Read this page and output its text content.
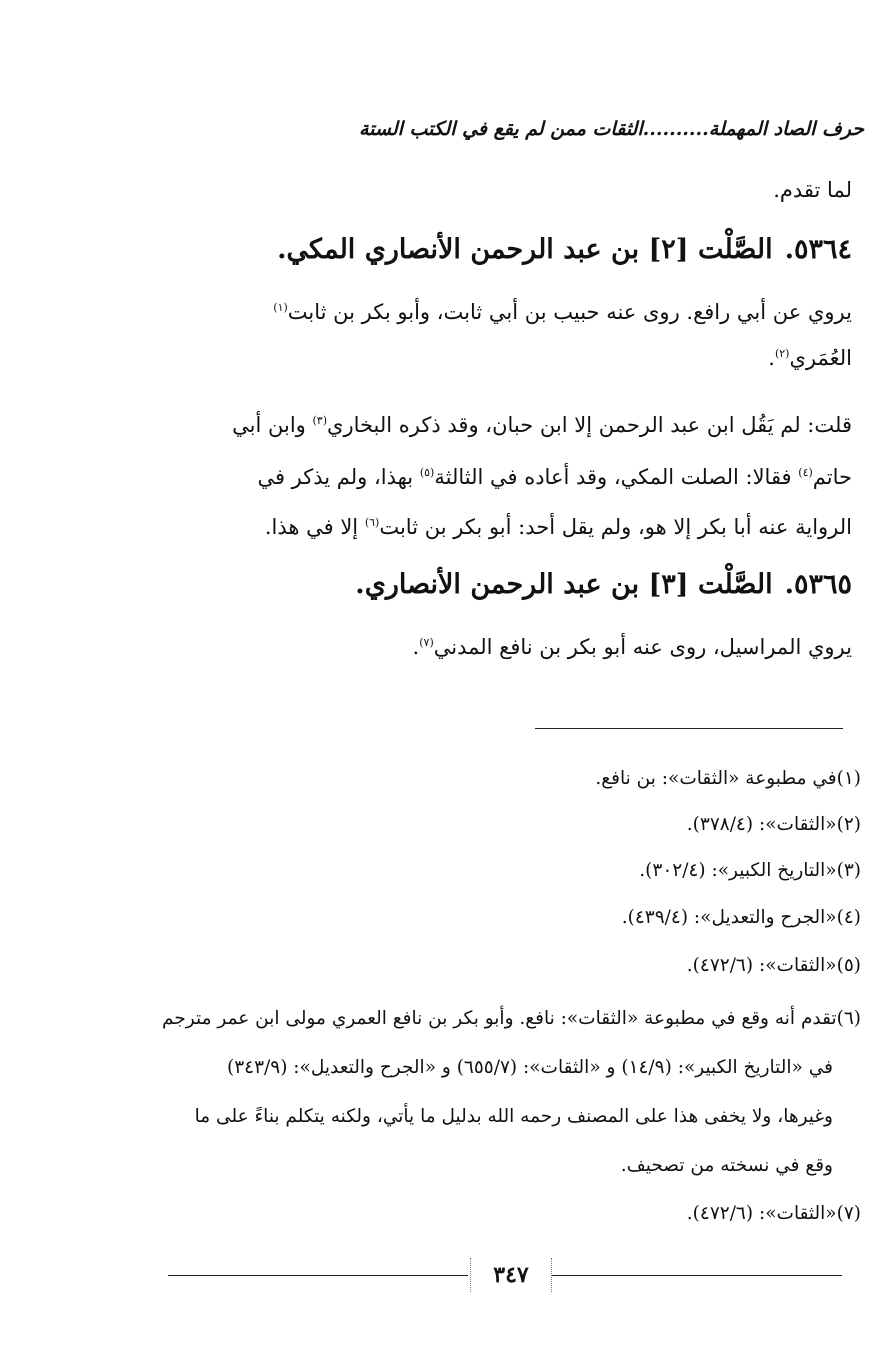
حرف الصاد المهملة..........الثقات ممن لم يقع في الكتب الستة
لما تقدم.
٥٣٦٤.الصَّلْت [٢] بن عبد الرحمن الأنصاري المكي.
يروي عن أبي رافع. روى عنه حبيب بن أبي ثابت، وأبو بكر بن ثابت$^{(١)}$
العُمَري$^{(٢)}$.
قلت: لم يَقُل ابن عبد الرحمن إلا ابن حبان، وقد ذكره البخاري$^{(٣)}$ وابن أبي
حاتم$^{(٤)}$ فقالا: الصلت المكي، وقد أعاده في الثالثة$^{(٥)}$ بهذا، ولم يذكر في
الرواية عنه أبا بكر إلا هو، ولم يقل أحد: أبو بكر بن ثابت$^{(٦)}$ إلا في هذا.
٥٣٦٥.الصَّلْت [٣] بن عبد الرحمن الأنصاري.
يروي المراسيل، روى عنه أبو بكر بن نافع المدني$^{(٧)}$.
(١)في مطبوعة «الثقات»: بن نافع.
(٢)«الثقات»: (٣٧٨/٤).
(٣)«التاريخ الكبير»: (٣٠٢/٤).
(٤)«الجرح والتعديل»: (٤٣٩/٤).
(٥)«الثقات»: (٤٧٢/٦).
(٦)تقدم أنه وقع في مطبوعة «الثقات»: نافع. وأبو بكر بن نافع العمري مولى ابن عمر مترجم
في «التاريخ الكبير»: (١٤/٩) و «الثقات»: (٦٥٥/٧) و «الجرح والتعديل»: (٣٤٣/٩)
وغيرها، ولا يخفى هذا على المصنف رحمه الله بدليل ما يأتي، ولكنه يتكلم بناءً على ما
وقع في نسخته من تصحيف.
(٧)«الثقات»: (٤٧٢/٦).
٣٤٧
